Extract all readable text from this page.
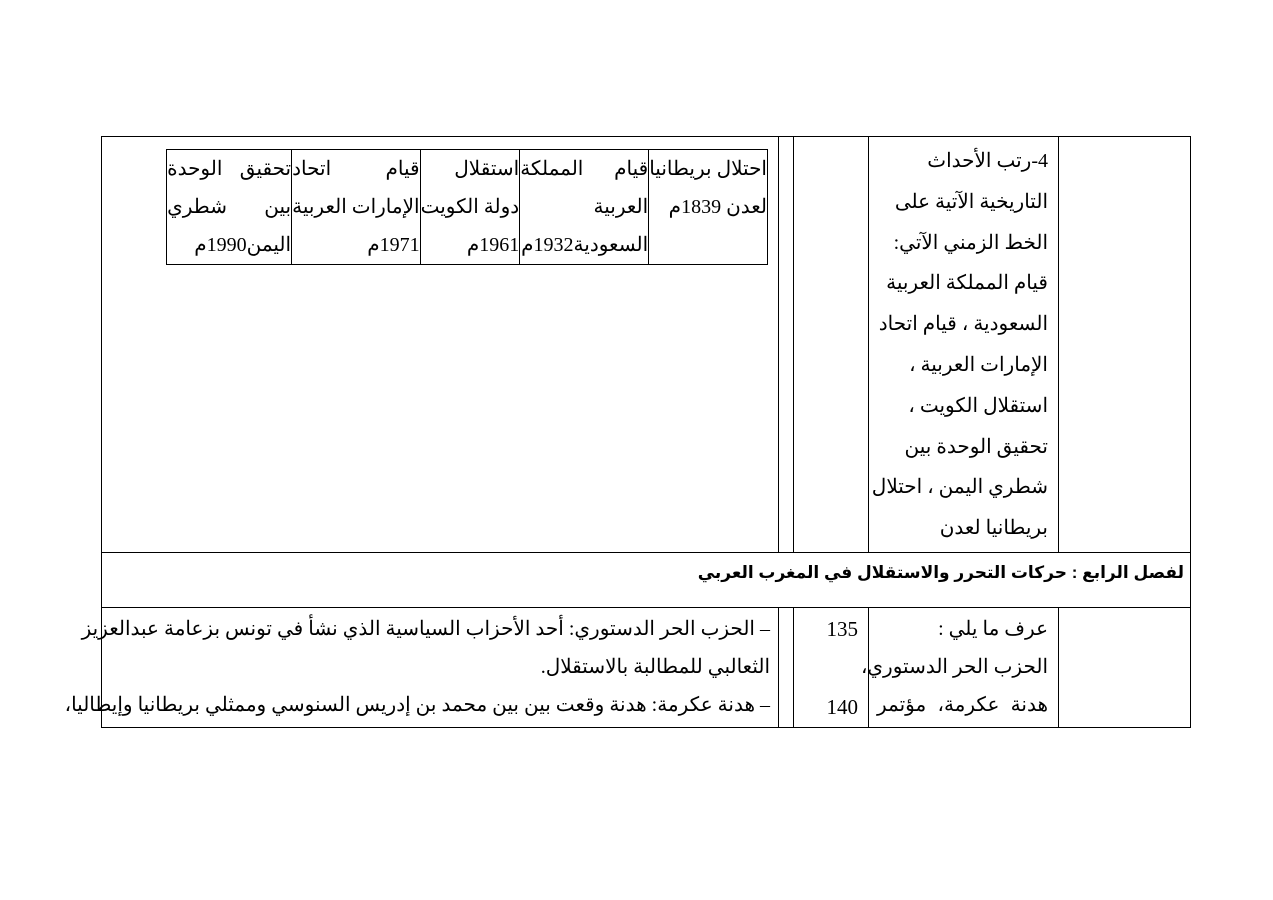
4-رتب الأحداث
التاريخية الآتية على
الخط الزمني الآتي:
قيام المملكة العربية
السعودية ، قيام اتحاد
الإمارات العربية ،
استقلال الكويت ،
تحقيق الوحدة بين
شطري اليمن ، احتلال
بريطانيا لعدن

احتلال بريطانيا
لعدن 1839م

قيام المملكة
العربية
السعودية1932م

استقلال
دولة الكويت
1961م

قيام اتحاد
الإمارات العربية
1971م

تحقيق الوحدة
بين شطري
اليمن1990م

لفصل الرابع : حركات التحرر والاستقلال في المغرب العربي

عرف ما يلي :
الحزب الحر الدستوري،
هدنة عكرمة، مؤتمر

135
140

– الحزب الحر الدستوري: أحد الأحزاب السياسية الذي نشأ في تونس بزعامة عبدالعزيز
الثعالبي للمطالبة بالاستقلال.
– هدنة عكرمة: هدنة وقعت بين بين محمد بن إدريس السنوسي وممثلي بريطانيا وإيطاليا،
